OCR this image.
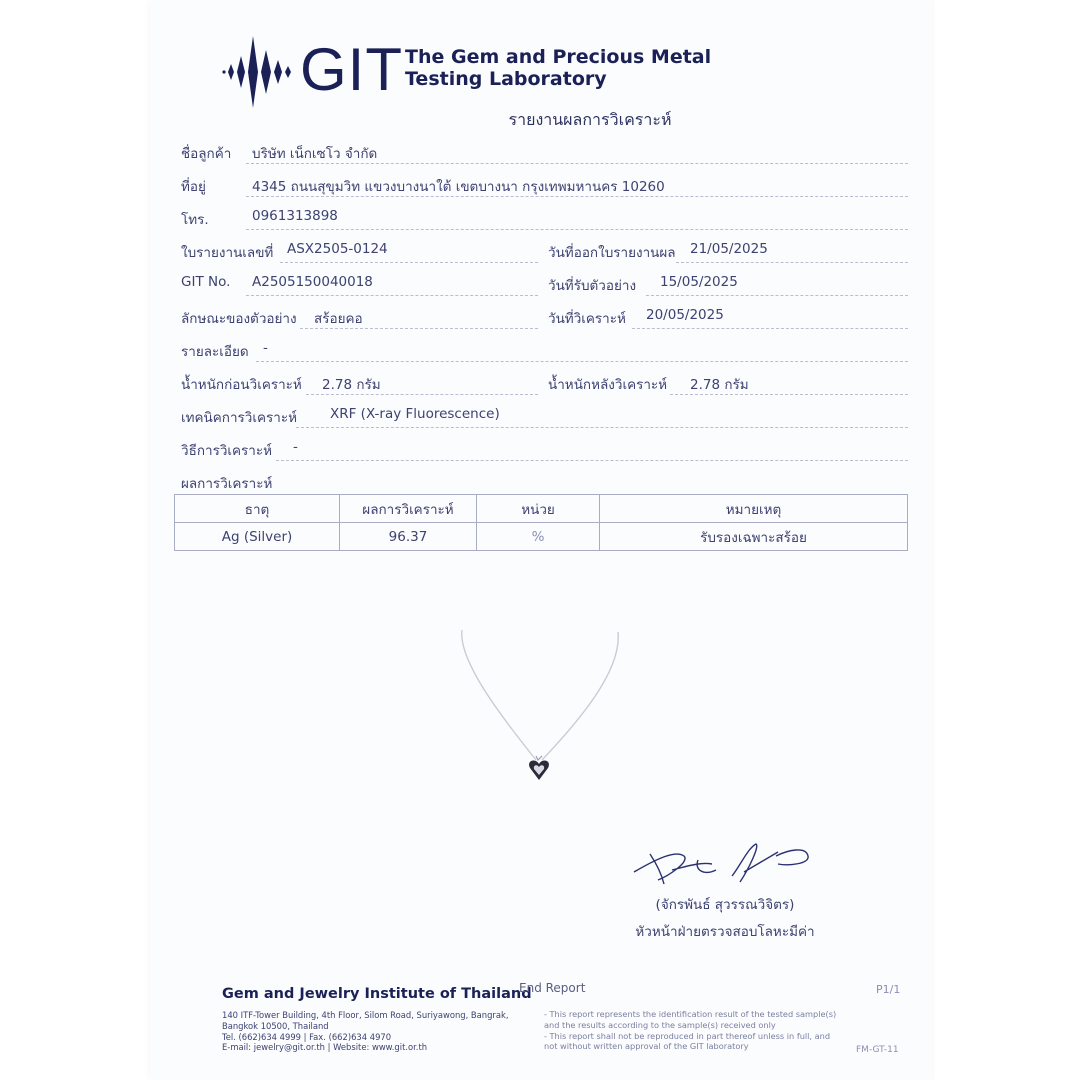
GIT The Gem and Precious Metal
Testing Laboratory
รายงานผลการวิเคราะห์
ชื่อลูกค้า บริษัท เน็กเซโว จำกัด
ที่อยู่	4345 ถนนสุขุมวิท แขวงบางนาใต้ เขตบางนา กรุงเทพมหานคร 10260
โทร.	0961313898
ใบรายงานเลขที่ ASX2505-0124	วันที่ออกใบรายงานผล 21/05/2025
GIT No. A2505150040018	วันที่รับตัวอย่าง 15/05/2025
ลักษณะของตัวอย่าง สร้อยคอ	วันที่วิเคราะห์ 20/05/2025
รายละเอียด -
น้ำหนักก่อนวิเคราะห์ 2.78 กรัม	น้ำหนักหลังวิเคราะห์ 2.78 กรัม
เทคนิคการวิเคราะห์ XRF (X-ray Fluorescence)
วิธีการวิเคราะห์ -
ผลการวิเคราะห์
ธาตุ	ผลการวิเคราะห์	หน่วย	หมายเหตุ
Ag (Silver)	96.37	%	รับรองเฉพาะสร้อย
(จักรพันธ์ สุวรรณวิจิตร)
หัวหน้าฝ่ายตรวจสอบโลหะมีค่า
Gem and Jewelry Institute of Thailand
140 ITF-Tower Building, 4th Floor, Silom Road, Suriyawong, Bangrak,
Bangkok 10500, Thailand
Tel. (662)634 4999 | Fax. (662)634 4970
E-mail: jewelry@git.or.th | Website: www.git.or.th
End Report
- This report represents the identification result of the tested sample(s)
and the results according to the sample(s) received only
- This report shall not be reproduced in part thereof unless in full, and
not without written approval of the GIT laboratory
P1/1
FM-GT-11
